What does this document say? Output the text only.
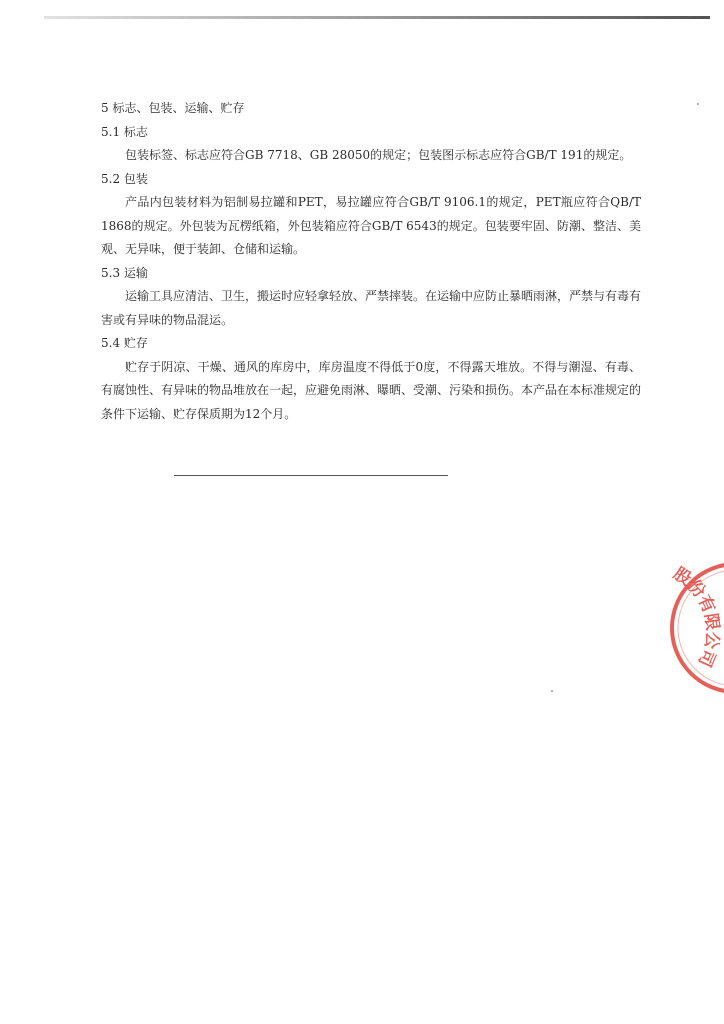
5 标志、包装、运输、贮存

5.1 标志

包装标签、标志应符合GB 7718、GB 28050的规定；包装图示标志应符合GB/T 191的规定。

5.2 包装

产品内包装材料为铝制易拉罐和PET，易拉罐应符合GB/T 9106.1的规定，PET瓶应符合QB/T 1868的规定。外包装为瓦楞纸箱，外包装箱应符合GB/T 6543的规定。包装要牢固、防潮、整洁、美观、无异味，便于装卸、仓储和运输。

5.3 运输

运输工具应清洁、卫生，搬运时应轻拿轻放、严禁摔装。在运输中应防止暴晒雨淋，严禁与有毒有害或有异味的物品混运。

5.4 贮存

贮存于阴凉、干燥、通风的库房中，库房温度不得低于0度，不得露天堆放。不得与潮湿、有毒、有腐蚀性、有异味的物品堆放在一起，应避免雨淋、曝晒、受潮、污染和损伤。本产品在本标准规定的条件下运输、贮存保质期为12个月。

股份有限公司
